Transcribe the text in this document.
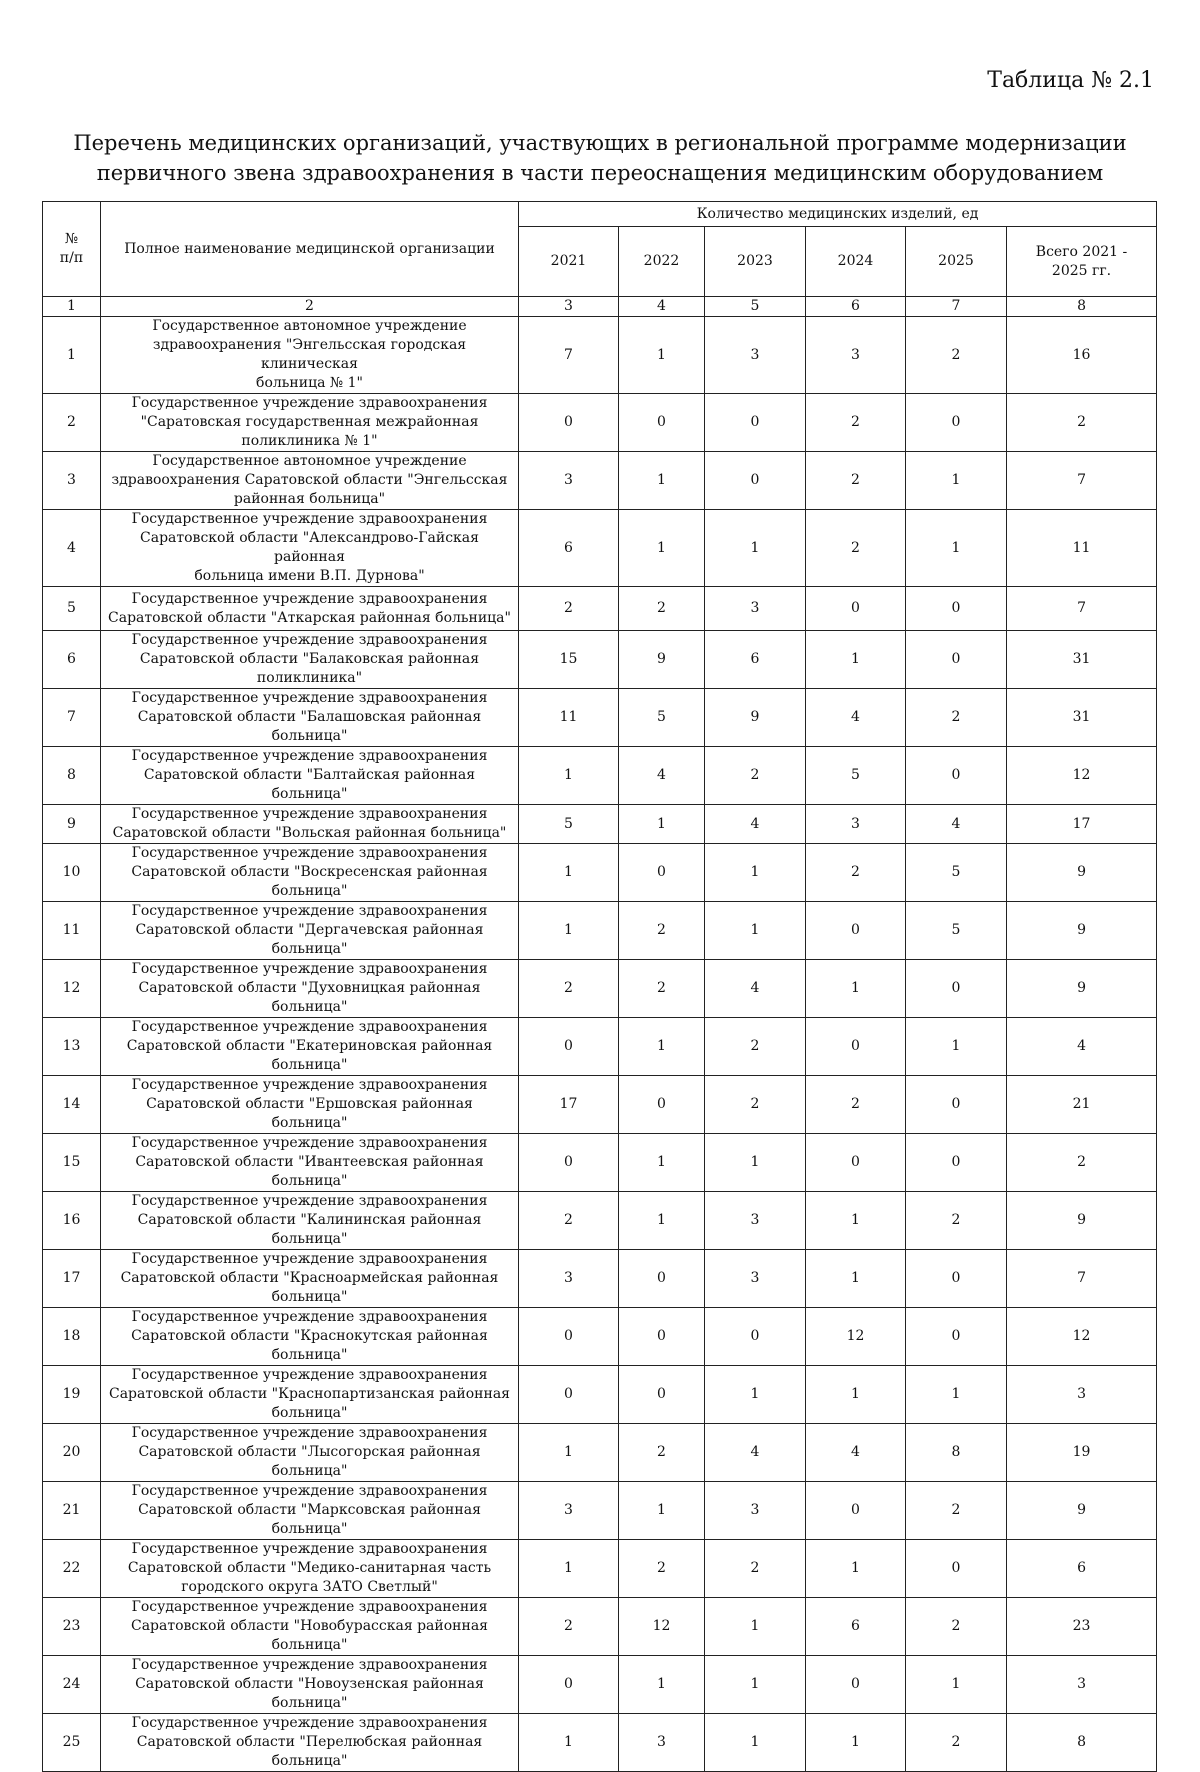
Таблица № 2.1
Перечень медицинских организаций, участвующих в региональной программе модернизации
первичного звена здравоохранения в части переоснащения медицинским оборудованием
№
п/п	Полное наименование медицинской организации	Количество медицинских изделий, ед					
		2021	2022	2023	2024	2025	Всего 2021 -
2025 гг.

1	2	3	4	5	6	7	8
1	Государственное автономное учреждение
здравоохранения "Энгельсская городская клиническая
больница № 1"	7	1	3	3	2	16
2	Государственное учреждение здравоохранения
"Саратовская государственная межрайонная
поликлиника № 1"	0	0	0	2	0	2
3	Государственное автономное учреждение
здравоохранения Саратовской области "Энгельсская
районная больница"	3	1	0	2	1	7
4	Государственное учреждение здравоохранения
Саратовской области "Александрово-Гайская районная
больница имени В.П. Дурнова"	6	1	1	2	1	11
5	Государственное учреждение здравоохранения
Саратовской области "Аткарская районная больница"	2	2	3	0	0	7
6	Государственное учреждение здравоохранения
Саратовской области "Балаковская районная
поликлиника"	15	9	6	1	0	31
7	Государственное учреждение здравоохранения
Саратовской области "Балашовская районная больница"	11	5	9	4	2	31
8	Государственное учреждение здравоохранения
Саратовской области "Балтайская районная больница"	1	4	2	5	0	12
9	Государственное учреждение здравоохранения
Саратовской области "Вольская районная больница"	5	1	4	3	4	17
10	Государственное учреждение здравоохранения
Саратовской области "Воскресенская районная
больница"	1	0	1	2	5	9
11	Государственное учреждение здравоохранения
Саратовской области "Дергачевская районная больница"	1	2	1	0	5	9
12	Государственное учреждение здравоохранения
Саратовской области "Духовницкая районная больница"	2	2	4	1	0	9
13	Государственное учреждение здравоохранения
Саратовской области "Екатериновская районная
больница"	0	1	2	0	1	4
14	Государственное учреждение здравоохранения
Саратовской области "Ершовская районная больница"	17	0	2	2	0	21
15	Государственное учреждение здравоохранения
Саратовской области "Ивантеевская районная
больница"	0	1	1	0	0	2
16	Государственное учреждение здравоохранения
Саратовской области "Калининская районная больница"	2	1	3	1	2	9
17	Государственное учреждение здравоохранения
Саратовской области "Красноармейская районная
больница"	3	0	3	1	0	7
18	Государственное учреждение здравоохранения
Саратовской области "Краснокутская районная
больница"	0	0	0	12	0	12
19	Государственное учреждение здравоохранения
Саратовской области "Краснопартизанская районная
больница"	0	0	1	1	1	3
20	Государственное учреждение здравоохранения
Саратовской области "Лысогорская районная больница"	1	2	4	4	8	19
21	Государственное учреждение здравоохранения
Саратовской области "Марксовская районная больница"	3	1	3	0	2	9
22	Государственное учреждение здравоохранения
Саратовской области "Медико-санитарная часть
городского округа ЗАТО Светлый"	1	2	2	1	0	6
23	Государственное учреждение здравоохранения
Саратовской области "Новобурасская районная
больница"	2	12	1	6	2	23
24	Государственное учреждение здравоохранения
Саратовской области "Новоузенская районная
больница"	0	1	1	0	1	3
25	Государственное учреждение здравоохранения
Саратовской области "Перелюбская районная больница"	1	3	1	1	2	8
